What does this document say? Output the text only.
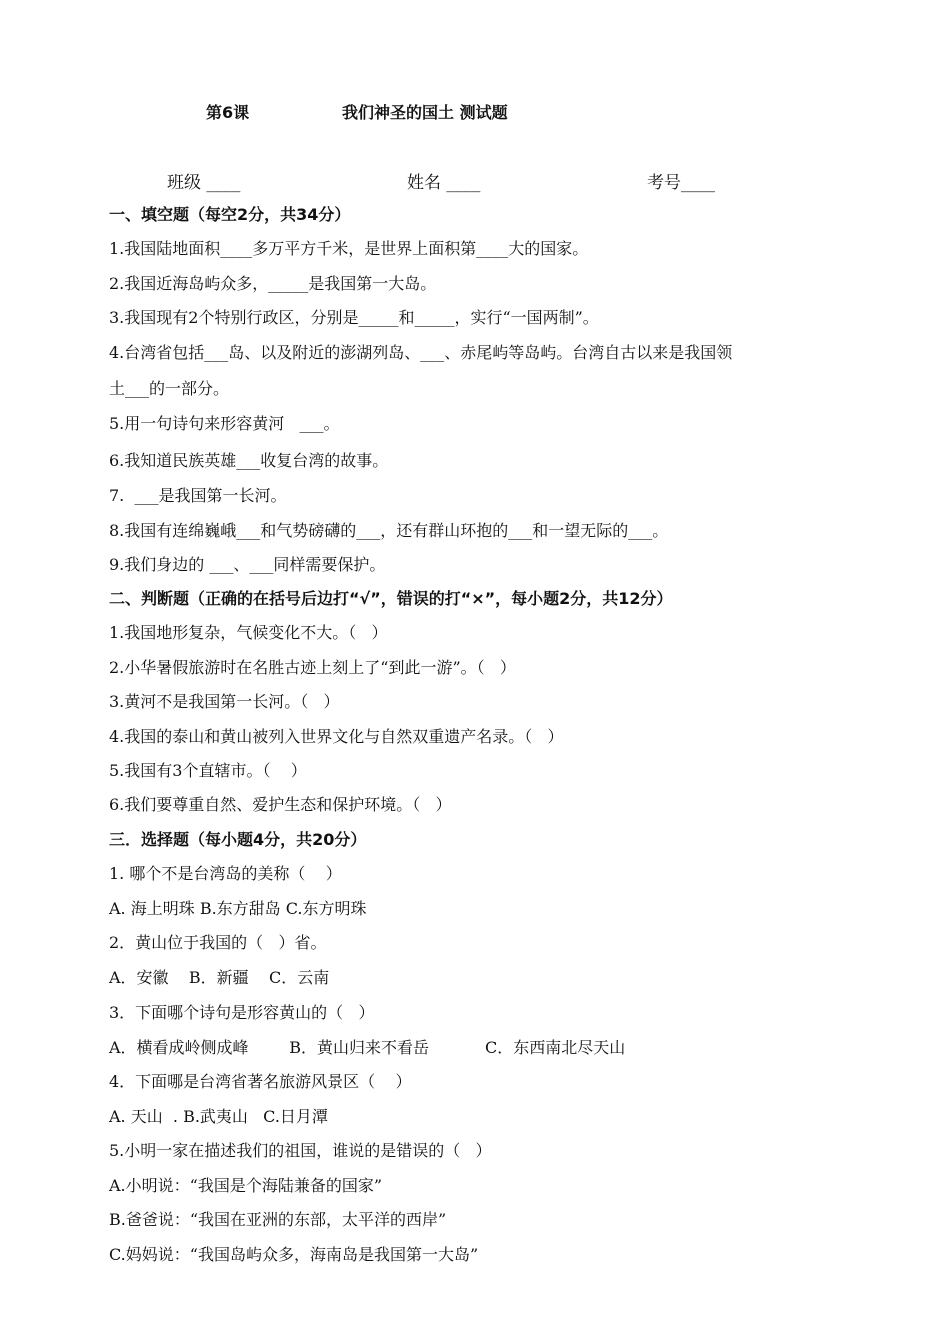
第6课	我们神圣的国土 测试题
班级 ____	姓名 ____	考号____
一、填空题（每空2分，共34分）
1.我国陆地面积____多万平方千米，是世界上面积第____大的国家。
2.我国近海岛屿众多，_____是我国第一大岛。
3.我国现有2个特别行政区，分别是_____和_____，实行“一国两制”。
4.台湾省包括___岛、以及附近的澎湖列岛、___、赤尾屿等岛屿。台湾自古以来是我国领
土___的一部分。
5.用一句诗句来形容黄河   ___。
6.我知道民族英雄___收复台湾的故事。
7.  ___是我国第一长河。
8.我国有连绵巍峨___和气势磅礴的___，还有群山环抱的___和一望无际的___。
9.我们身边的 ___、___同样需要保护。
二、判断题（正确的在括号后边打“√”，错误的打“×”，每小题2分，共12分）
1.我国地形复杂，气候变化不大。（   ）
2.小华暑假旅游时在名胜古迹上刻上了“到此一游”。（   ）
3.黄河不是我国第一长河。（   ）
4.我国的泰山和黄山被列入世界文化与自然双重遗产名录。（   ）
5.我国有3个直辖市。（    ）
6.我们要尊重自然、爱护生态和保护环境。（   ）
三．选择题（每小题4分，共20分）
1. 哪个不是台湾岛的美称（    ）
A. 海上明珠 B.东方甜岛 C.东方明珠
2．黄山位于我国的（   ）省。
A．安徽    B．新疆    C．云南
3．下面哪个诗句是形容黄山的（   ）
A．横看成岭侧成峰        B．黄山归来不看岳           C．东西南北尽天山
4．下面哪是台湾省著名旅游风景区（    ）
A. 天山  . B.武夷山   C.日月潭
5.小明一家在描述我们的祖国，谁说的是错误的（   ）
A.小明说：“我国是个海陆兼备的国家”
B.爸爸说：“我国在亚洲的东部，太平洋的西岸”
C.妈妈说：“我国岛屿众多，海南岛是我国第一大岛”
